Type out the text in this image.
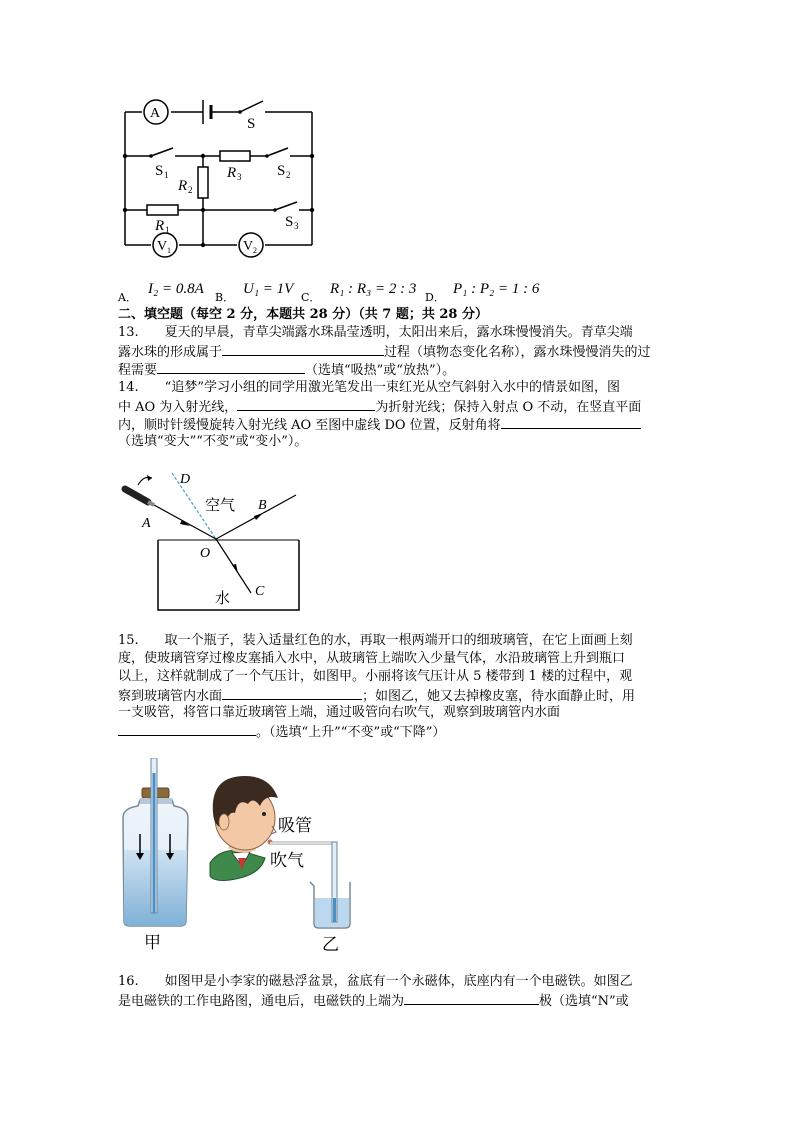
A
S
S 1	R 3 S 2
R 2
S 3
R 1
V 1	V 2
A．
I₂ = 0.8A
B．
U₁ = 1V
C．
R₁ : R₃ = 2 : 3
D．
P₁ : P₂ = 1 : 6
二、填空题（每空 2 分，本题共 28 分）（共 7 题；共 28 分）
13.　　夏天的早晨，青草尖端露水珠晶莹透明，太阳出来后，露水珠慢慢消失。青草尖端
露水珠的形成属于	过程（填物态变化名称），露水珠慢慢消失的过
程需要	（选填“吸热”或“放热”）。
14.　　“追梦”学习小组的同学用激光笔发出一束红光从空气斜射入水中的情景如图，图
中 AO 为入射光线，	为折射光线；保持入射点 O 不动，在竖直平面
内，顺时针缓慢旋转入射光线 AO 至图中虚线 DO 位置，反射角将
（选填“变大”“不变”或“变小”）。
D
空气 B
A
O
水 C
15.　　取一个瓶子，装入适量红色的水，再取一根两端开口的细玻璃管，在它上面画上刻
度，使玻璃管穿过橡皮塞插入水中，从玻璃管上端吹入少量气体，水沿玻璃管上升到瓶口
以上，这样就制成了一个气压计，如图甲。小丽将该气压计从 5 楼带到 1 楼的过程中，观
察到玻璃管内水面	；如图乙，她又去掉橡皮塞，待水面静止时，用
一支吸管，将管口靠近玻璃管上端，通过吸管向右吹气，观察到玻璃管内水面
。（选填“上升”“不变”或“下降”）
吸管
吹气
甲	乙
16.　　如图甲是小李家的磁悬浮盆景，盆底有一个永磁体，底座内有一个电磁铁。如图乙
是电磁铁的工作电路图，通电后，电磁铁的上端为	极（选填“N”或
